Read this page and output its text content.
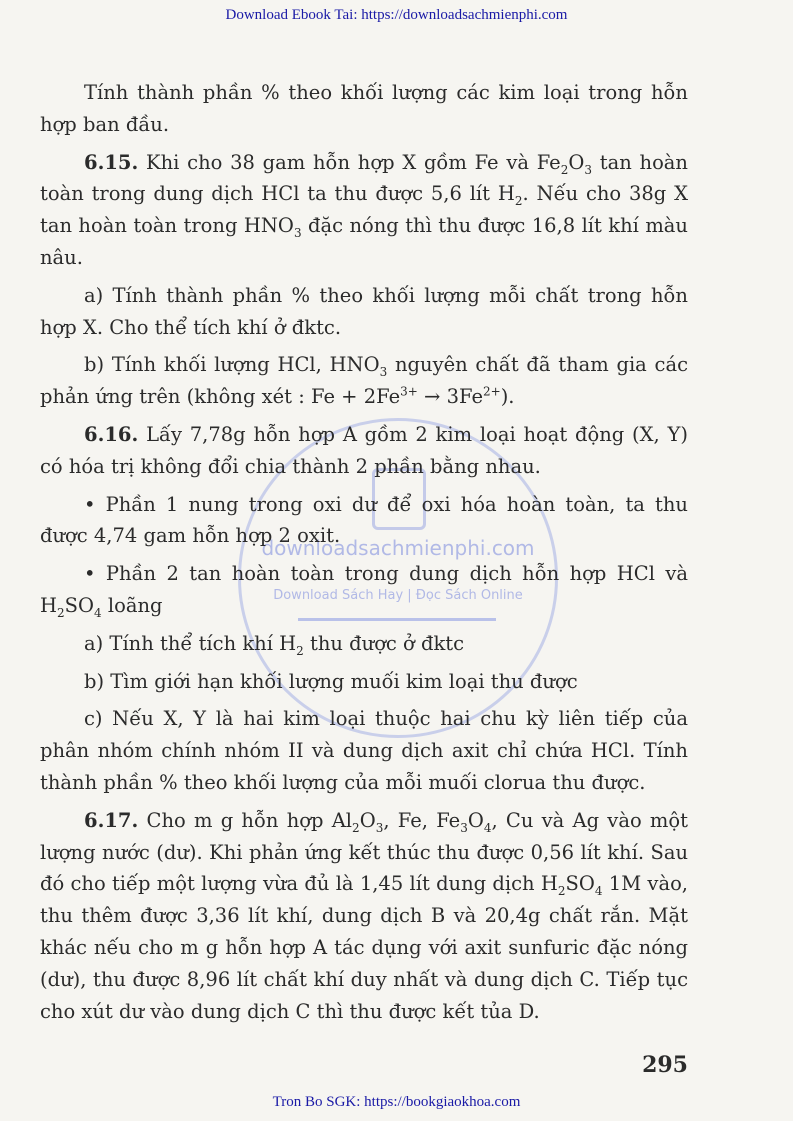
Download Ebook Tai: https://downloadsachmienphi.com
downloadsachmienphi.com
Download Sách Hay | Đọc Sách Online

Tính thành phần % theo khối lượng các kim loại trong hỗn hợp ban đầu.

6.15. Khi cho 38 gam hỗn hợp X gồm Fe và $Fe_2O_3$ tan hoàn toàn trong dung dịch HCl ta thu được 5,6 lít $H_2$. Nếu cho 38g X tan hoàn toàn trong $HNO_3$ đặc nóng thì thu được 16,8 lít khí màu nâu.

a) Tính thành phần % theo khối lượng mỗi chất trong hỗn hợp X. Cho thể tích khí ở đktc.

b) Tính khối lượng HCl, $HNO_3$ nguyên chất đã tham gia các phản ứng trên (không xét : $Fe + 2Fe^{3+} \to 3Fe^{2+}$).

6.16. Lấy 7,78g hỗn hợp A gồm 2 kim loại hoạt động (X, Y) có hóa trị không đổi chia thành 2 phần bằng nhau.

• Phần 1 nung trong oxi dư để oxi hóa hoàn toàn, ta thu được 4,74 gam hỗn hợp 2 oxit.

• Phần 2 tan hoàn toàn trong dung dịch hỗn hợp HCl và $H_2SO_4$ loãng

a) Tính thể tích khí $H_2$ thu được ở đktc

b) Tìm giới hạn khối lượng muối kim loại thu được

c) Nếu X, Y là hai kim loại thuộc hai chu kỳ liên tiếp của phân nhóm chính nhóm II và dung dịch axit chỉ chứa HCl. Tính thành phần % theo khối lượng của mỗi muối clorua thu được.

6.17. Cho m g hỗn hợp $Al_2O_3$, Fe, $Fe_3O_4$, Cu và Ag vào một lượng nước (dư). Khi phản ứng kết thúc thu được 0,56 lít khí. Sau đó cho tiếp một lượng vừa đủ là 1,45 lít dung dịch $H_2SO_4$ 1M vào, thu thêm được 3,36 lít khí, dung dịch B và 20,4g chất rắn. Mặt khác nếu cho m g hỗn hợp A tác dụng với axit sunfuric đặc nóng (dư), thu được 8,96 lít chất khí duy nhất và dung dịch C. Tiếp tục cho xút dư vào dung dịch C thì thu được kết tủa D.

295
Tron Bo SGK: https://bookgiaokhoa.com
